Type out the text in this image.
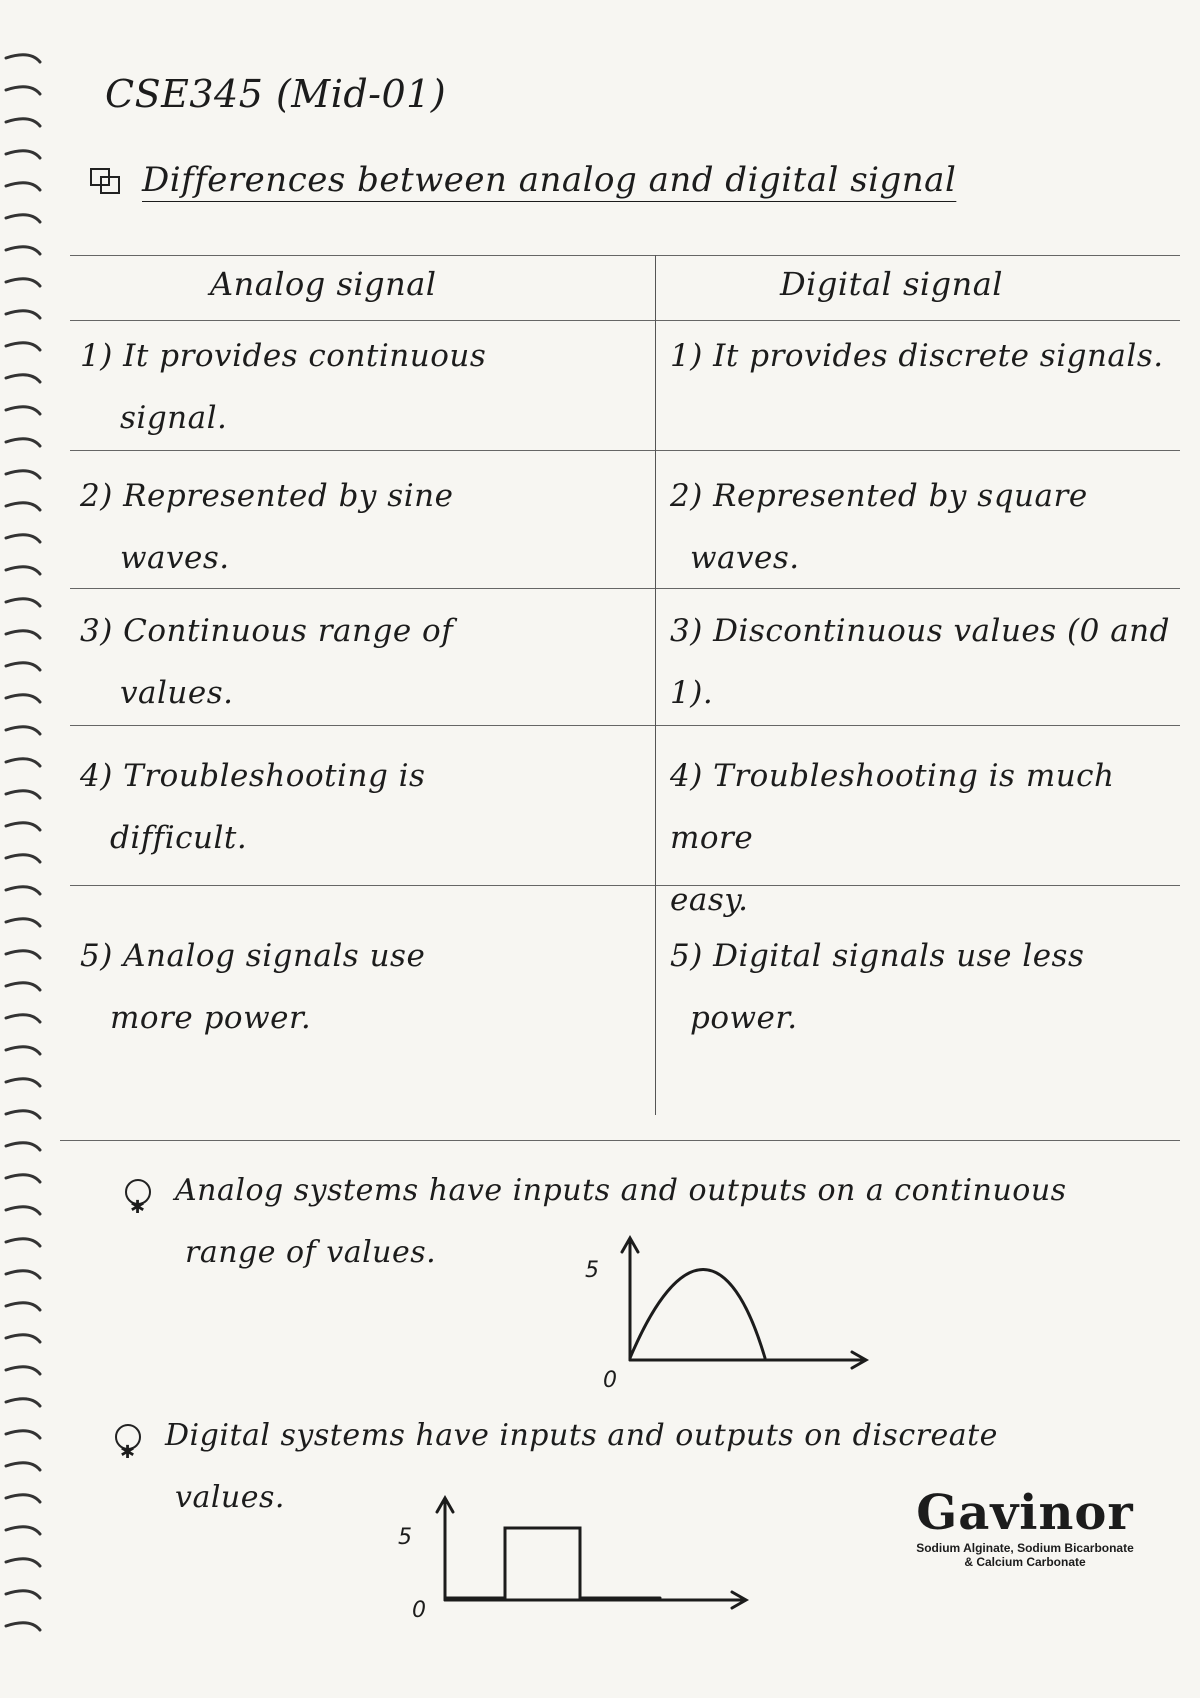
CSE345 (Mid-01)
Differences between analog and digital signal
Analog signal	Digital signal
1) It provides continuous
signal.
1) It provides discrete signals.
2) Represented by sine
waves.
2) Represented by square
waves.
3) Continuous range of
values.
3) Discontinuous values (0 and 1).
4) Troubleshooting is
difficult.
4) Troubleshooting is much more
easy.
5) Analog signals use
more power.
5) Digital signals use less
power.
✱Analog systems have inputs and outputs on a continuous
range of values.
5
0
✱Digital systems have inputs and outputs on discreate
values.
5
0
Gavinor
Sodium Alginate, Sodium Bicarbonate
& Calcium Carbonate
